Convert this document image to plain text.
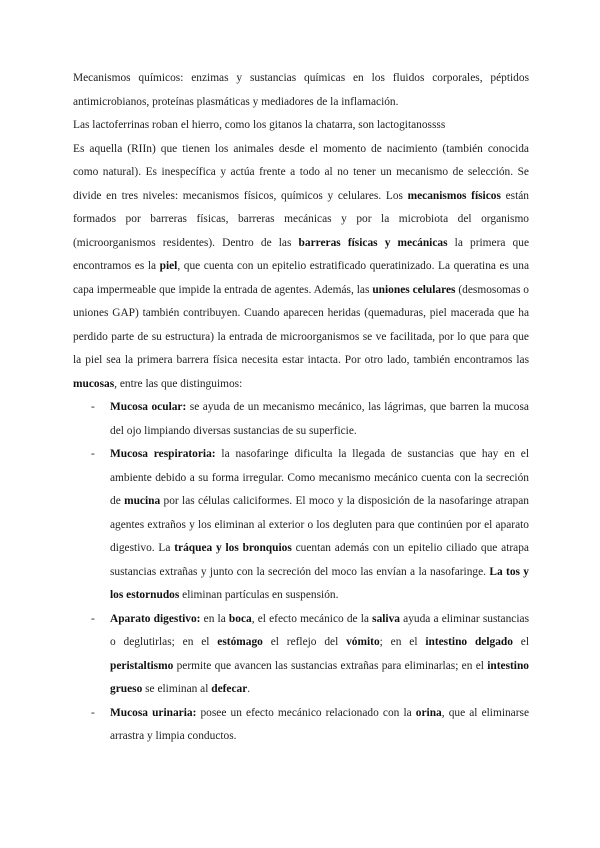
Mecanismos químicos: enzimas y sustancias químicas en los fluidos corporales, péptidos antimicrobianos, proteínas plasmáticas y mediadores de la inflamación.

Las lactoferrinas roban el hierro, como los gitanos la chatarra, son lactogitanossss

Es aquella (RIIn) que tienen los animales desde el momento de nacimiento (también conocida como natural). Es inespecífica y actúa frente a todo al no tener un mecanismo de selección. Se divide en tres niveles: mecanismos físicos, químicos y celulares. Los mecanismos físicos están formados por barreras físicas, barreras mecánicas y por la microbiota del organismo (microorganismos residentes). Dentro de las barreras físicas y mecánicas la primera que encontramos es la piel, que cuenta con un epitelio estratificado queratinizado. La queratina es una capa impermeable que impide la entrada de agentes. Además, las uniones celulares (desmosomas o uniones GAP) también contribuyen. Cuando aparecen heridas (quemaduras, piel macerada que ha perdido parte de su estructura) la entrada de microorganismos se ve facilitada, por lo que para que la piel sea la primera barrera física necesita estar intacta. Por otro lado, también encontramos las mucosas, entre las que distinguimos:

- Mucosa ocular: se ayuda de un mecanismo mecánico, las lágrimas, que barren la mucosa del ojo limpiando diversas sustancias de su superficie.
- Mucosa respiratoria: la nasofaringe dificulta la llegada de sustancias que hay en el ambiente debido a su forma irregular. Como mecanismo mecánico cuenta con la secreción de mucina por las células caliciformes. El moco y la disposición de la nasofaringe atrapan agentes extraños y los eliminan al exterior o los degluten para que continúen por el aparato digestivo. La tráquea y los bronquios cuentan además con un epitelio ciliado que atrapa sustancias extrañas y junto con la secreción del moco las envían a la nasofaringe. La tos y los estornudos eliminan partículas en suspensión.
- Aparato digestivo: en la boca, el efecto mecánico de la saliva ayuda a eliminar sustancias o deglutirlas; en el estómago el reflejo del vómito; en el intestino delgado el peristaltismo permite que avancen las sustancias extrañas para eliminarlas; en el intestino grueso se eliminan al defecar.
- Mucosa urinaria: posee un efecto mecánico relacionado con la orina, que al eliminarse arrastra y limpia conductos.
